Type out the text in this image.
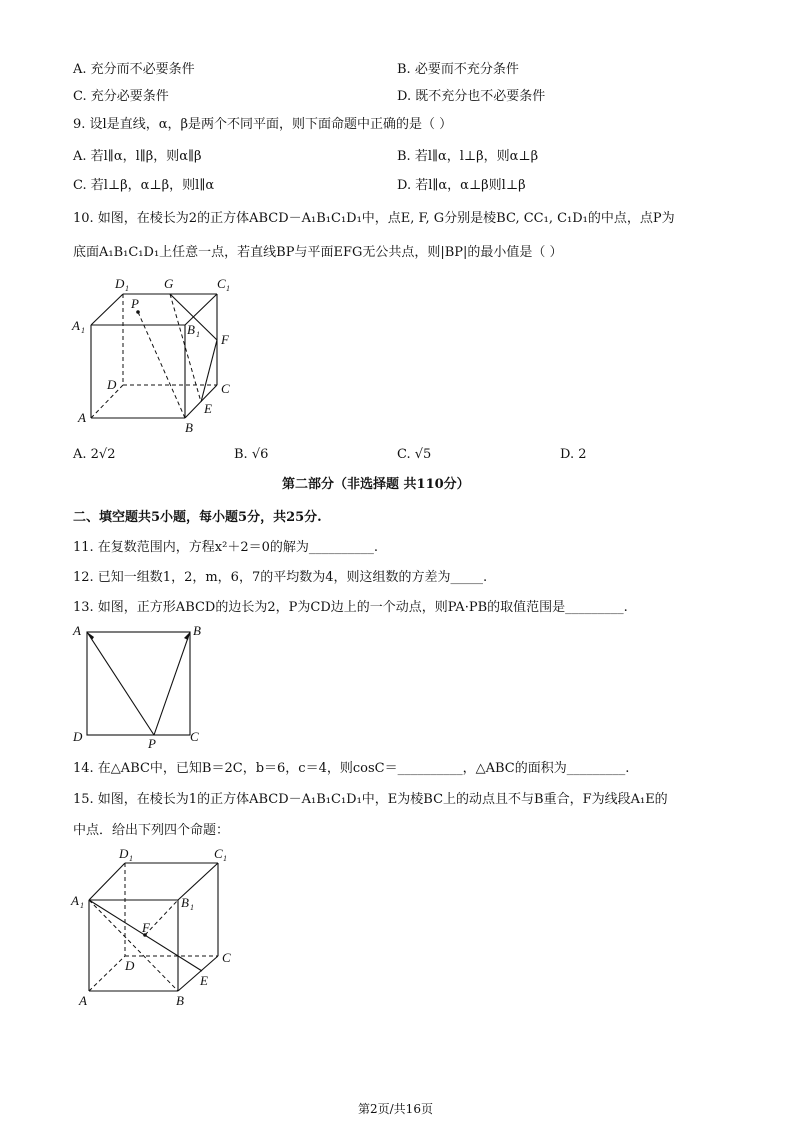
A. 充分而不必要条件	B. 必要而不充分条件
C. 充分必要条件	D. 既不充分也不必要条件
9. 设l是直线，α，β是两个不同平面，则下面命题中正确的是（ ）
A. 若l∥α，l∥β，则α∥β	B. 若l∥α，l⊥β，则α⊥β
C. 若l⊥β，α⊥β，则l∥α	D. 若l∥α，α⊥β则l⊥β
10. 如图，在棱长为2的正方体ABCD－A₁B₁C₁D₁中，点E, F, G分别是棱BC, CC₁, C₁D₁的中点，点P为
底面A₁B₁C₁D₁上任意一点，若直线BP与平面EFG无公共点，则|BP|的最小值是（ ）
D 1	G	C 1
P
A 1	B 1 F
D	C
E
A
B
A. 2√2	B. √6	C. √5	D. 2
第二部分（非选择题 共110分）
二、填空题共5小题，每小题5分，共25分.
11. 在复数范围内，方程x²＋2＝0的解为__________.
12. 已知一组数1，2，m，6，7的平均数为4，则这组数的方差为_____.
13. 如图，正方形ABCD的边长为2，P为CD边上的一个动点，则PA·PB的取值范围是_________.
A	B
D	C
P
14. 在△ABC中，已知B＝2C，b＝6，c＝4，则cosC＝__________，△ABC的面积为_________.
15. 如图，在棱长为1的正方体ABCD－A₁B₁C₁D₁中，E为棱BC上的动点且不与B重合，F为线段A₁E的
中点．给出下列四个命题：
D 1	C 1
A 1	B 1
F
D
C
E
A	B
第2页/共16页
